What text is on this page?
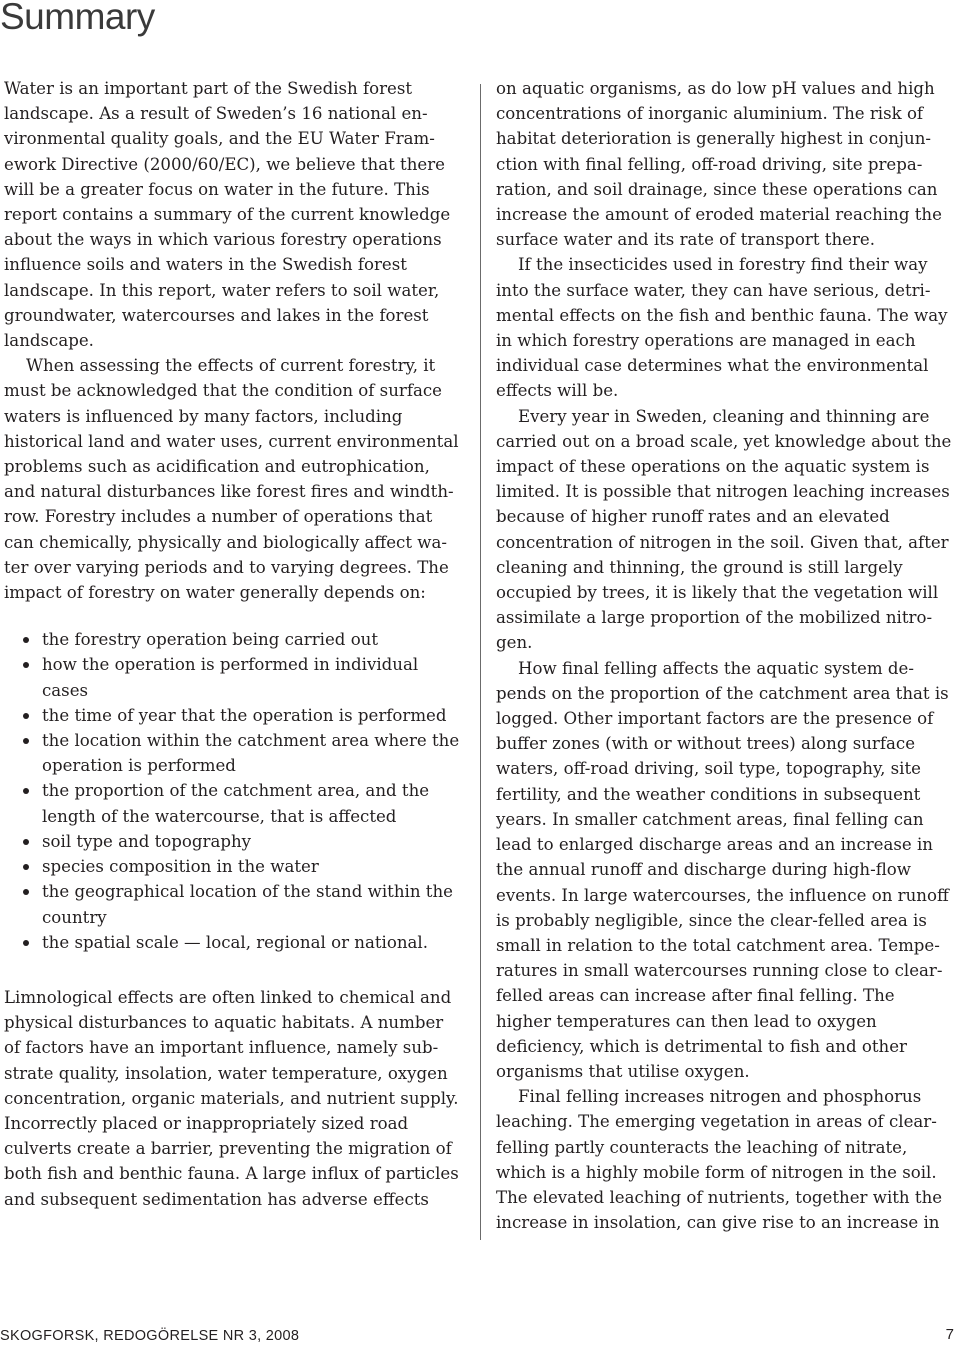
Summary

Water is an important part of the Swedish forest landscape. As a result of Sweden’s 16 national environmental quality goals, and the EU Water Framework Directive (2000/60/EC), we believe that there will be a greater focus on water in the future. This report contains a summary of the current knowledge about the ways in which various forestry operations influence soils and waters in the Swedish forest landscape. In this report, water refers to soil water, groundwater, watercourses and lakes in the forest landscape.

When assessing the effects of current forestry, it must be acknowledged that the condition of surface waters is influenced by many factors, including historical land and water uses, current environmental problems such as acidification and eutrophication, and natural disturbances like forest fires and windthrow. Forestry includes a number of operations that can chemically, physically and biologically affect water over varying periods and to varying degrees. The impact of forestry on water generally depends on:

the forestry operation being carried out
how the operation is performed in individual cases
the time of year that the operation is performed
the location within the catchment area where the operation is performed
the proportion of the catchment area, and the length of the watercourse, that is affected
soil type and topography
species composition in the water
the geographical location of the stand within the country
the spatial scale — local, regional or national.

Limnological effects are often linked to chemical and physical disturbances to aquatic habitats. A number of factors have an important influence, namely substrate quality, insolation, water temperature, oxygen concentration, organic materials, and nutrient supply. Incorrectly placed or inappropriately sized road culverts create a barrier, preventing the migration of both fish and benthic fauna. A large influx of particles and subsequent sedimentation has adverse effects

on aquatic organisms, as do low pH values and high concentrations of inorganic aluminium. The risk of habitat deterioration is generally highest in conjunction with final felling, off-road driving, site preparation, and soil drainage, since these operations can increase the amount of eroded material reaching the surface water and its rate of transport there.

If the insecticides used in forestry find their way into the surface water, they can have serious, detrimental effects on the fish and benthic fauna. The way in which forestry operations are managed in each individual case determines what the environmental effects will be.

Every year in Sweden, cleaning and thinning are carried out on a broad scale, yet knowledge about the impact of these operations on the aquatic system is limited. It is possible that nitrogen leaching increases because of higher runoff rates and an elevated concentration of nitrogen in the soil. Given that, after cleaning and thinning, the ground is still largely occupied by trees, it is likely that the vegetation will assimilate a large proportion of the mobilized nitrogen.

How final felling affects the aquatic system depends on the proportion of the catchment area that is logged. Other important factors are the presence of buffer zones (with or without trees) along surface waters, off-road driving, soil type, topography, site fertility, and the weather conditions in subsequent years. In smaller catchment areas, final felling can lead to enlarged discharge areas and an increase in the annual runoff and discharge during high-flow events. In large watercourses, the influence on runoff is probably negligible, since the clear-felled area is small in relation to the total catchment area. Temperatures in small watercourses running close to clear-felled areas can increase after final felling. The higher temperatures can then lead to oxygen deficiency, which is detrimental to fish and other organisms that utilise oxygen.

Final felling increases nitrogen and phosphorus leaching. The emerging vegetation in areas of clear-felling partly counteracts the leaching of nitrate, which is a highly mobile form of nitrogen in the soil. The elevated leaching of nutrients, together with the increase in insolation, can give rise to an increase in

SKOGFORSK, REDOGÖRELSE NR 3, 2008	7
